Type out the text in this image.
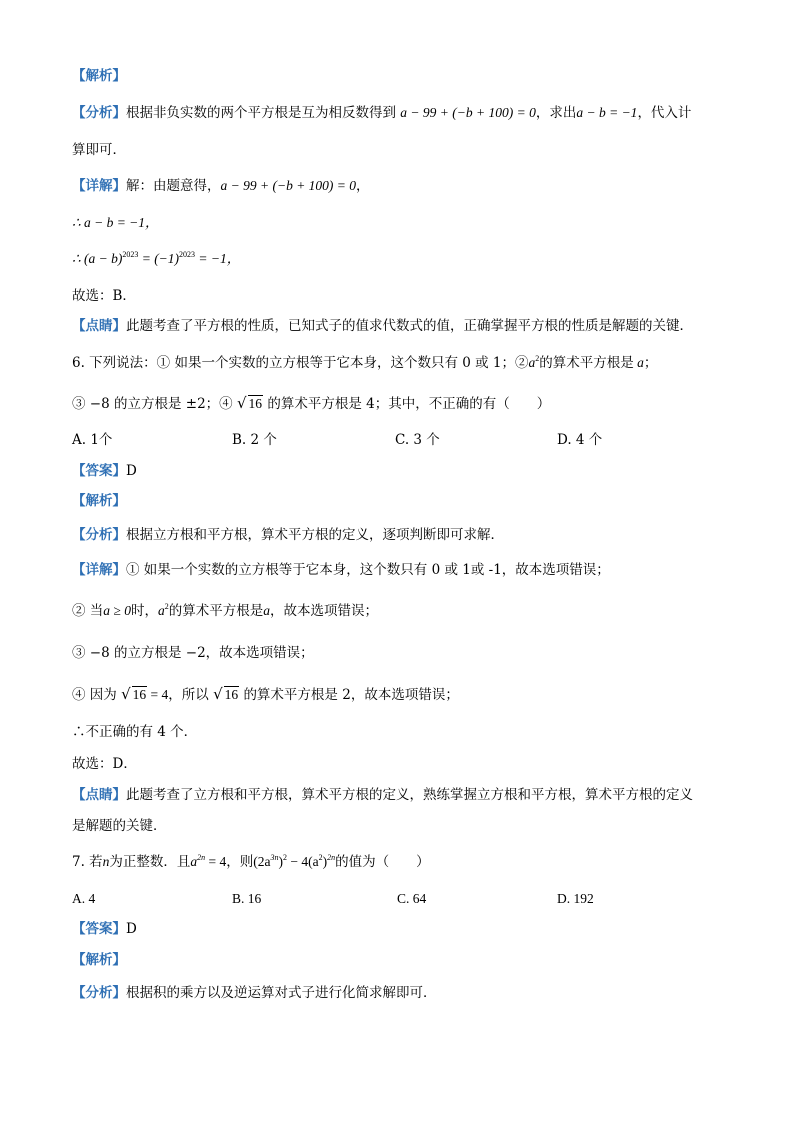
【解析】
【分析】根据非负实数的两个平方根是互为相反数得到 a − 99 + (−b + 100) = 0，求出a − b = −1，代入计
算即可．
【详解】解：由题意得，a − 99 + (−b + 100) = 0，
∴ a − b = −1，
∴ $(a - b)^{2023} = (-1)^{2023} = -1$，
故选：B．
【点睛】此题考查了平方根的性质，已知式子的值求代数式的值，正确掌握平方根的性质是解题的关键．
6. 下列说法：① 如果一个实数的立方根等于它本身，这个数只有 0 或 1；$②a^2$的算术平方根是 a；
③ −8 的立方根是 ±2；④ √ 16 的算术平方根是 4；其中，不正确的有（　　）
A. 1个	B. 2 个	C. 3 个	D. 4 个
【答案】D
【解析】
【分析】根据立方根和平方根，算术平方根的定义，逐项判断即可求解．
【详解】① 如果一个实数的立方根等于它本身，这个数只有 0 或 1或 -1，故本选项错误；
② 当a ≥ 0时，$a^2$的算术平方根是a，故本选项错误；
③ −8 的立方根是 −2，故本选项错误；
④ 因为 √ 16 = 4，所以 √ 16 的算术平方根是 2，故本选项错误；
∴不正确的有 4 个．
故选：D．
【点睛】此题考查了立方根和平方根，算术平方根的定义，熟练掌握立方根和平方根，算术平方根的定义
是解题的关键．
7. 若n为正整数．且$a^{2n} = 4$，则$(2a^{3n})^2 - 4(a^2)^{2n}$的值为（　　）
A. 4	B. 16	C. 64	D. 192
【答案】D
【解析】
【分析】根据积的乘方以及逆运算对式子进行化简求解即可．
